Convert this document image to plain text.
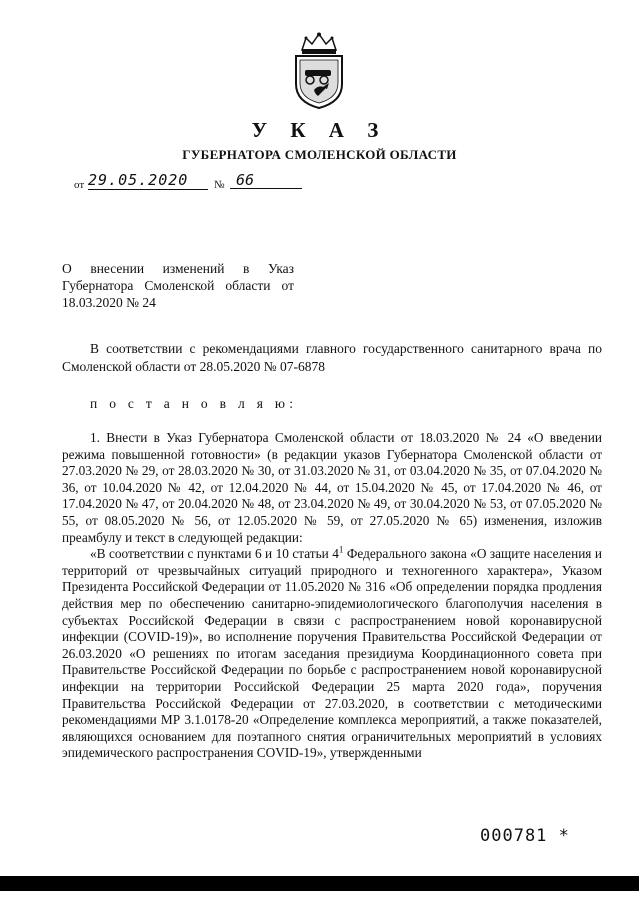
У К А З
ГУБЕРНАТОРА СМОЛЕНСКОЙ ОБЛАСТИ
от 29.05.2020	№ 66
О внесении изменений в Указ Губернатора Смоленской области от 18.03.2020 № 24
В соответствии с рекомендациями главного государственного санитарного врача по Смоленской области от 28.05.2020 № 07-6878
п о с т а н о в л я ю:

1. Внести в Указ Губернатора Смоленской области от 18.03.2020 № 24 «О введении режима повышенной готовности» (в редакции указов Губернатора Смоленской области от 27.03.2020 № 29, от 28.03.2020 № 30, от 31.03.2020 № 31, от 03.04.2020 № 35, от 07.04.2020 № 36, от 10.04.2020 № 42, от 12.04.2020 № 44, от 15.04.2020 № 45, от 17.04.2020 № 46, от 17.04.2020 № 47, от 20.04.2020 № 48, от 23.04.2020 № 49, от 30.04.2020 № 53, от 07.05.2020 № 55, от 08.05.2020 № 56, от 12.05.2020 № 59, от 27.05.2020 № 65) изменения, изложив преамбулу и текст в следующей редакции:

«В соответствии с пунктами 6 и 10 статьи $4^1$ Федерального закона «О защите населения и территорий от чрезвычайных ситуаций природного и техногенного характера», Указом Президента Российской Федерации от 11.05.2020 № 316 «Об определении порядка продления действия мер по обеспечению санитарно-эпидемиологического благополучия населения в субъектах Российской Федерации в связи с распространением новой коронавирусной инфекции (COVID-19)», во исполнение поручения Правительства Российской Федерации от 26.03.2020 «О решениях по итогам заседания президиума Координационного совета при Правительстве Российской Федерации по борьбе с распространением новой коронавирусной инфекции на территории Российской Федерации 25 марта 2020 года», поручения Правительства Российской Федерации от 27.03.2020, в соответствии с методическими рекомендациями МР 3.1.0178-20 «Определение комплекса мероприятий, а также показателей, являющихся основанием для поэтапного снятия ограничительных мероприятий в условиях эпидемического распространения COVID-19», утвержденными

000781 *
